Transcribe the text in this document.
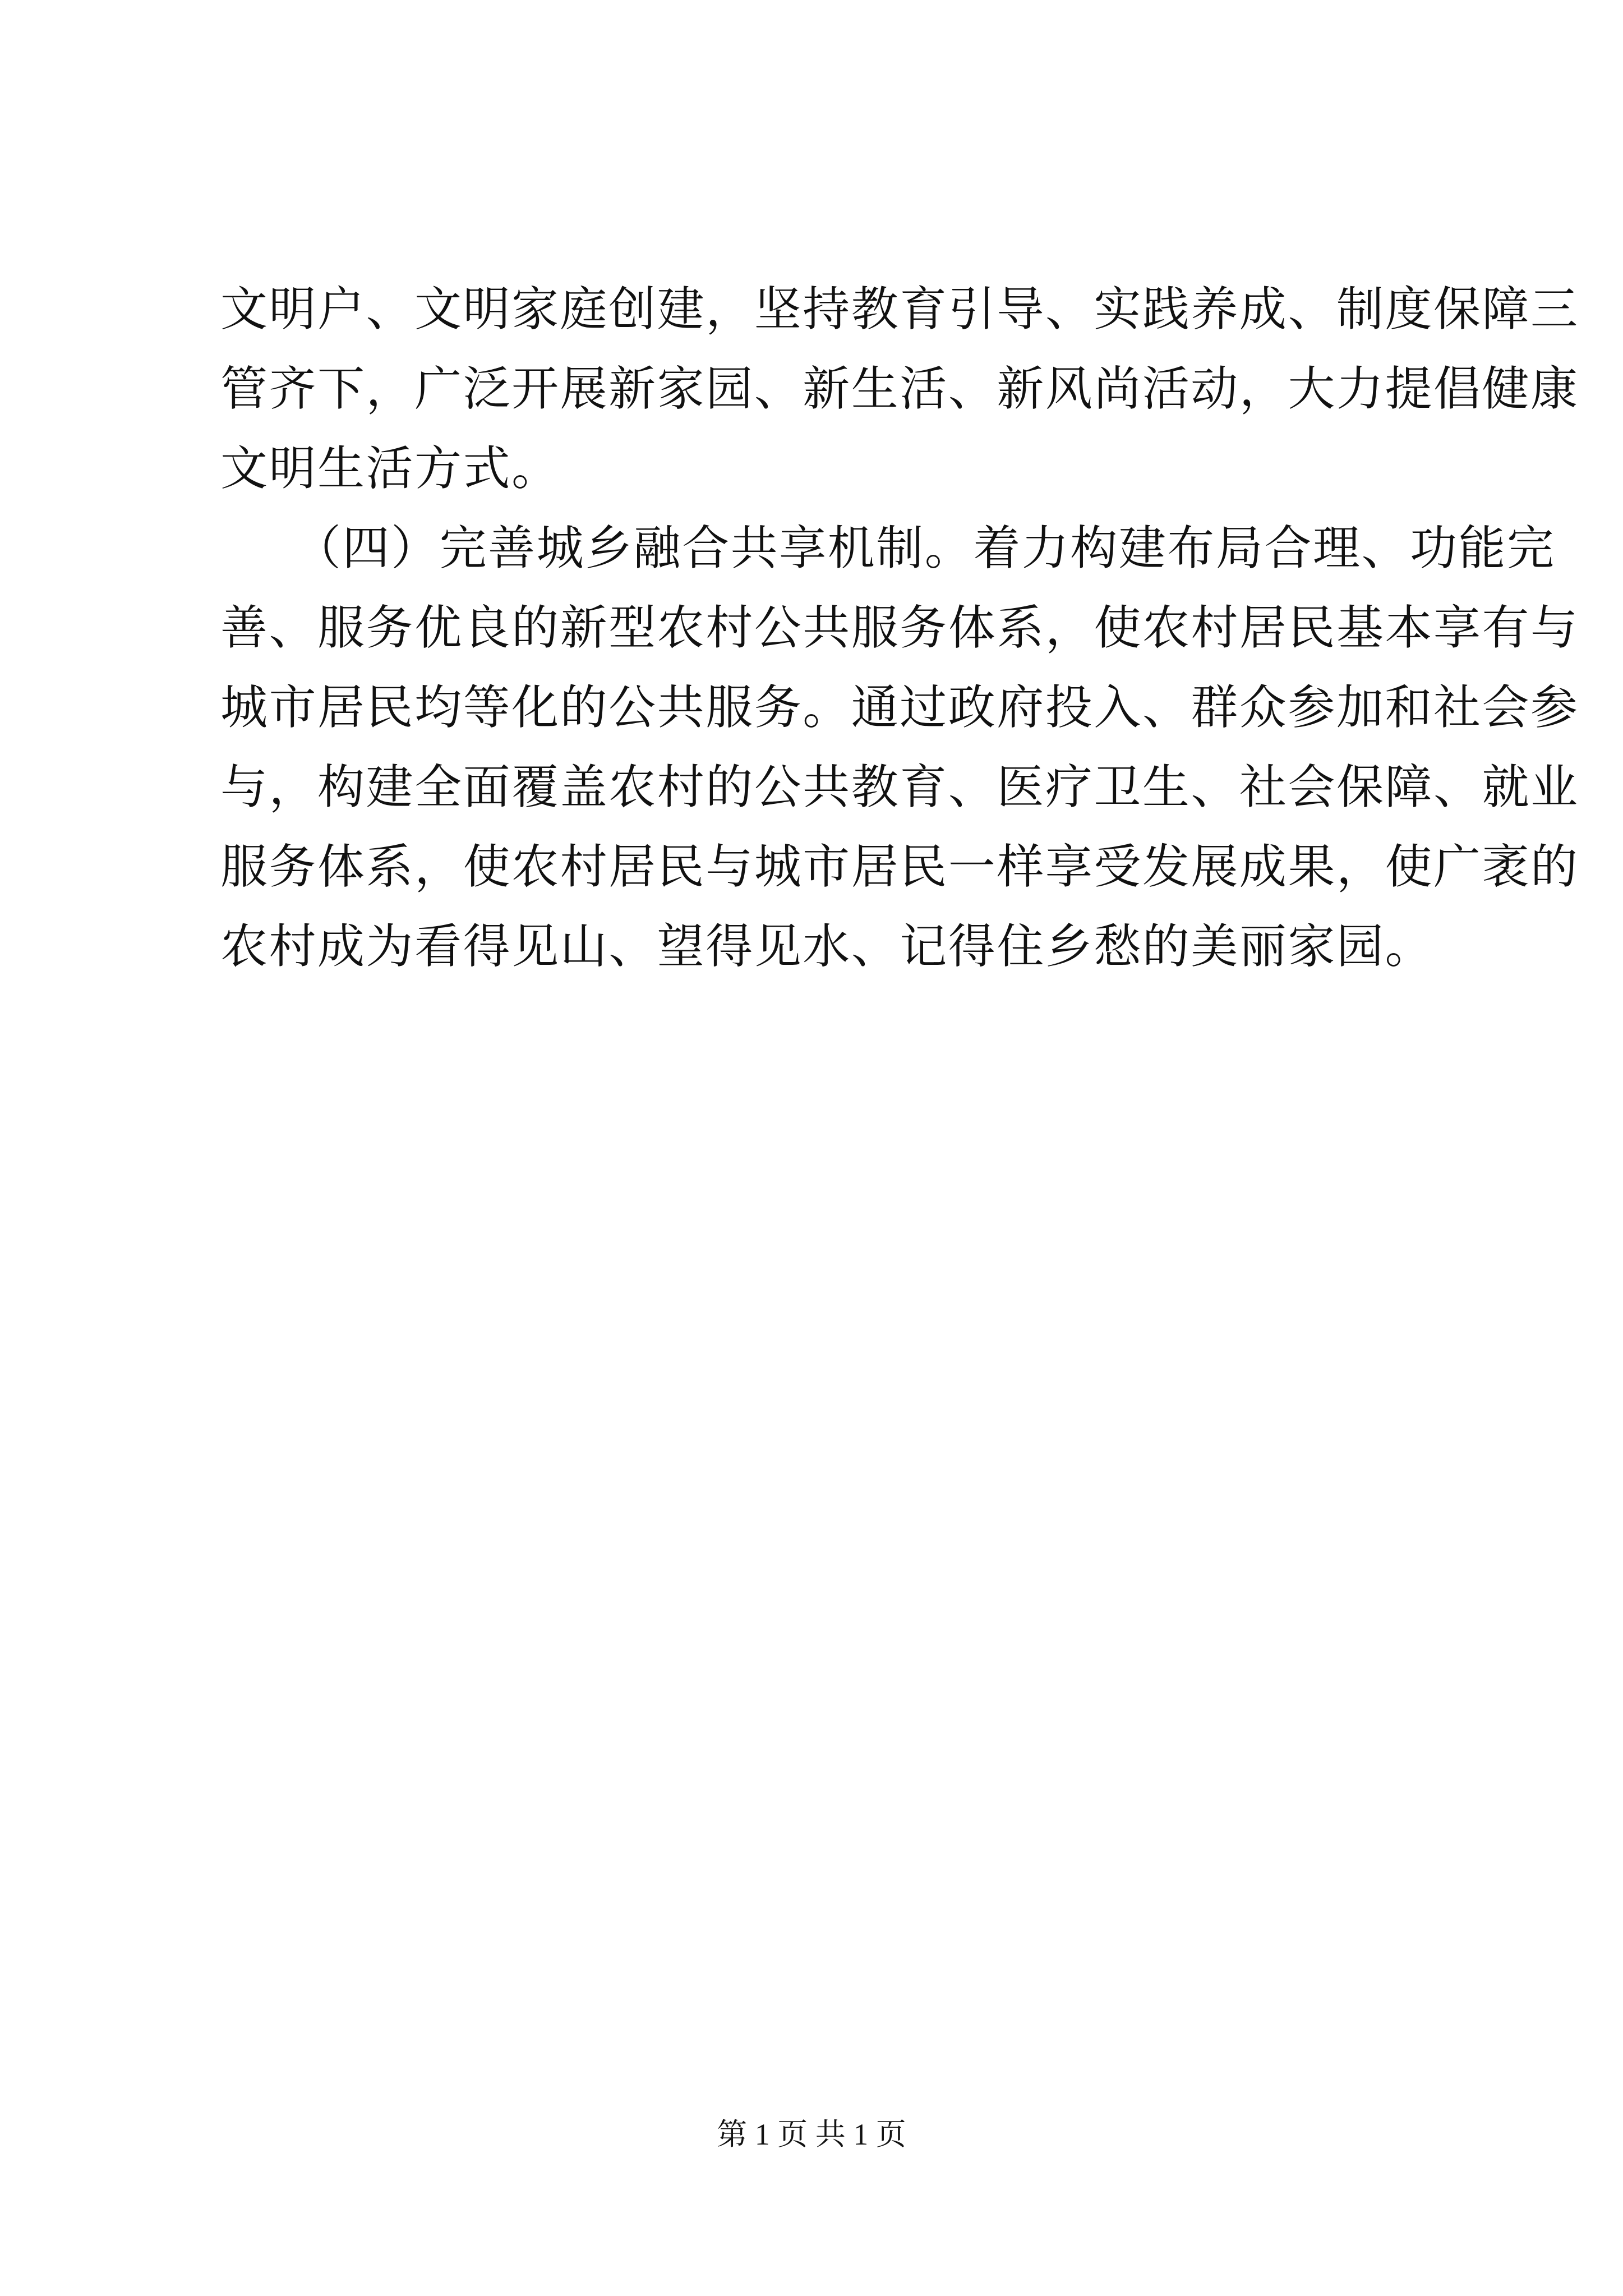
文明户、文明家庭创建，坚持教育引导、实践养成、制度保障三
管齐下，广泛开展新家园、新生活、新风尚活动，大力提倡健康
文明生活方式。
　　（四）完善城乡融合共享机制。着力构建布局合理、功能完
善、服务优良的新型农村公共服务体系，使农村居民基本享有与
城市居民均等化的公共服务。通过政府投入、群众参加和社会参
与，构建全面覆盖农村的公共教育、医疗卫生、社会保障、就业
服务体系，使农村居民与城市居民一样享受发展成果，使广袤的
农村成为看得见山、望得见水、记得住乡愁的美丽家园。
第 1 页 共 1 页
